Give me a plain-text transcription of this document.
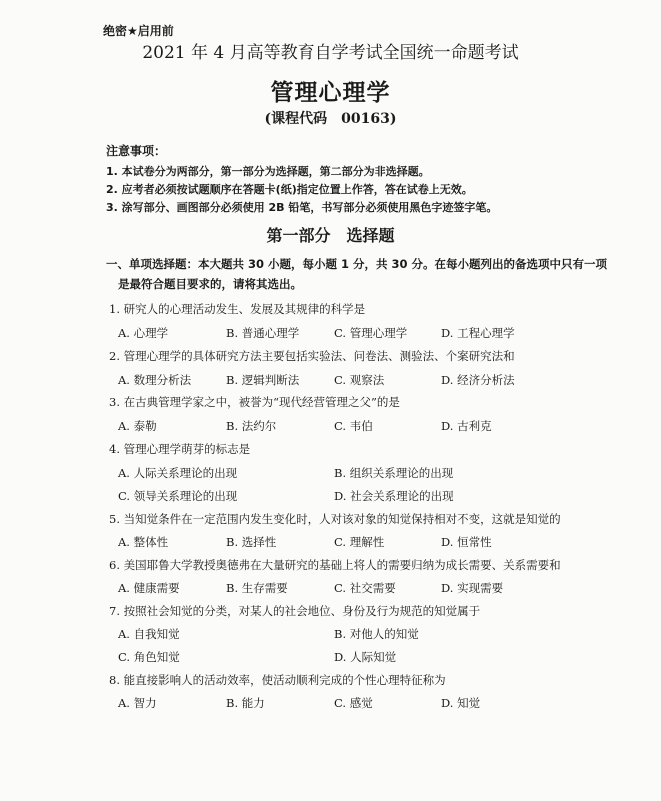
绝密★启用前
2021 年 4 月高等教育自学考试全国统一命题考试
管理心理学
(课程代码　00163)
注意事项：
1. 本试卷分为两部分，第一部分为选择题，第二部分为非选择题。
2. 应考者必须按试题顺序在答题卡(纸)指定位置上作答，答在试卷上无效。
3. 涂写部分、画图部分必须使用 2B 铅笔，书写部分必须使用黑色字迹签字笔。
第一部分　选择题
一、单项选择题：本大题共 30 小题，每小题 1 分，共 30 分。在每小题列出的备选项中只有一项
是最符合题目要求的，请将其选出。
1. 研究人的心理活动发生、发展及其规律的科学是
A. 心理学	B. 普通心理学	C. 管理心理学	D. 工程心理学
2. 管理心理学的具体研究方法主要包括实验法、问卷法、测验法、个案研究法和
A. 数理分析法	B. 逻辑判断法	C. 观察法	D. 经济分析法
3. 在古典管理学家之中，被誉为“现代经营管理之父”的是
A. 泰勒	B. 法约尔	C. 韦伯	D. 古利克
4. 管理心理学萌芽的标志是
A. 人际关系理论的出现	B. 组织关系理论的出现
C. 领导关系理论的出现	D. 社会关系理论的出现
5. 当知觉条件在一定范围内发生变化时，人对该对象的知觉保持相对不变，这就是知觉的
A. 整体性	B. 选择性	C. 理解性	D. 恒常性
6. 美国耶鲁大学教授奥德弗在大量研究的基础上将人的需要归纳为成长需要、关系需要和
A. 健康需要	B. 生存需要	C. 社交需要	D. 实现需要
7. 按照社会知觉的分类，对某人的社会地位、身份及行为规范的知觉属于
A. 自我知觉	B. 对他人的知觉
C. 角色知觉	D. 人际知觉
8. 能直接影响人的活动效率，使活动顺利完成的个性心理特征称为
A. 智力	B. 能力	C. 感觉	D. 知觉
